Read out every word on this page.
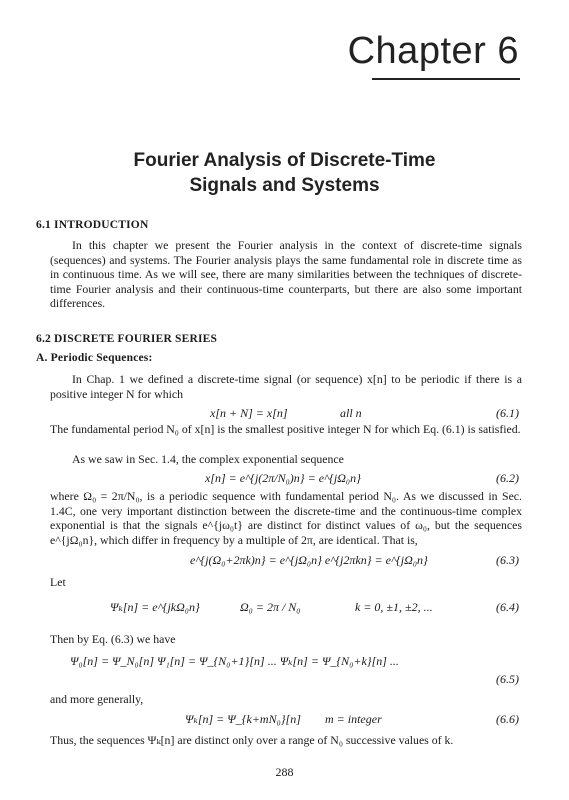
Chapter 6
Fourier Analysis of Discrete-Time
Signals and Systems
6.1 INTRODUCTION
In this chapter we present the Fourier analysis in the context of discrete-time signals (sequences) and systems. The Fourier analysis plays the same fundamental role in discrete time as in continuous time. As we will see, there are many similarities between the techniques of discrete-time Fourier analysis and their continuous-time counterparts, but there are also some important differences.
6.2 DISCRETE FOURIER SERIES
A. Periodic Sequences:
In Chap. 1 we defined a discrete-time signal (or sequence) x[n] to be periodic if there is a positive integer N for which
x[n + N] = x[n]	all n	(6.1)
The fundamental period N₀ of x[n] is the smallest positive integer N for which Eq. (6.1) is satisfied.
As we saw in Sec. 1.4, the complex exponential sequence
x[n] = e^{j(2π/N₀)n} = e^{jΩ₀n}	(6.2)
where Ω₀ = 2π/N₀, is a periodic sequence with fundamental period N₀. As we discussed in Sec. 1.4C, one very important distinction between the discrete-time and the continuous-time complex exponential is that the signals e^{jω₀t} are distinct for distinct values of ω₀, but the sequences e^{jΩ₀n}, which differ in frequency by a multiple of 2π, are identical. That is,
e^{j(Ω₀+2πk)n} = e^{jΩ₀n} e^{j2πkn} = e^{jΩ₀n}	(6.3)
Let
Ψₖ[n] = e^{jkΩ₀n}	Ω₀ = 2π / N₀	k = 0, ±1, ±2, ...	(6.4)
Then by Eq. (6.3) we have
Ψ₀[n] = Ψ_N₀[n] Ψ₁[n] = Ψ_{N₀+1}[n] ... Ψₖ[n] = Ψ_{N₀+k}[n] ...
(6.5)
and more generally,
Ψₖ[n] = Ψ_{k+mN₀}[n] m = integer	(6.6)
Thus, the sequences Ψₖ[n] are distinct only over a range of N₀ successive values of k.
288
